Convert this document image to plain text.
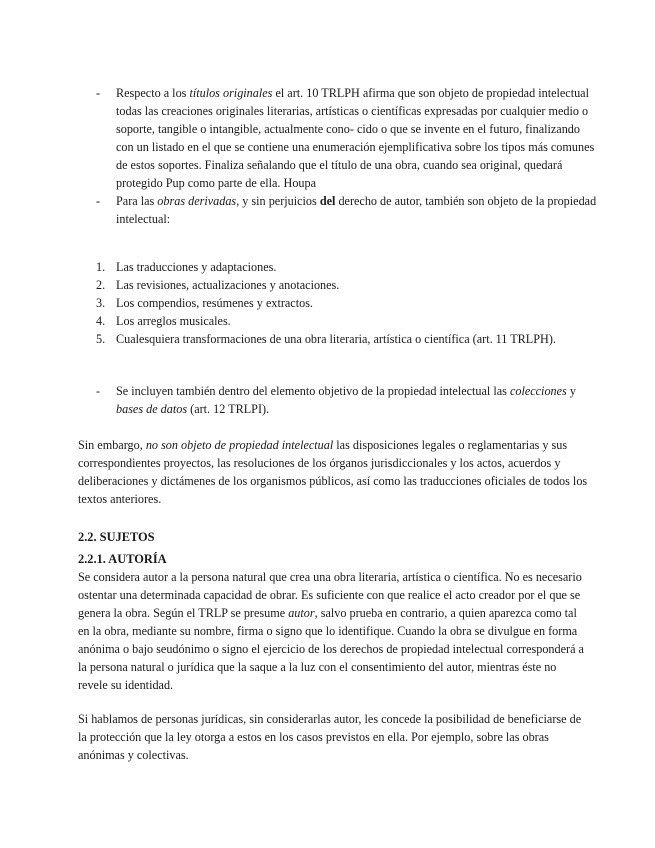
- Respecto a los títulos originales el art. 10 TRLPH afirma que son objeto de propiedad intelectual todas las creaciones originales literarias, artísticas o científicas expresadas por cualquier medio o soporte, tangible o intangible, actualmente cono- cido o que se invente en el futuro, finalizando con un listado en el que se contiene una enumeración ejemplificativa sobre los tipos más comunes de estos soportes. Finaliza señalando que el título de una obra, cuando sea original, quedará protegido Pup como parte de ella. Houpa
- Para las obras derivadas, y sin perjuicios del derecho de autor, también son objeto de la propiedad intelectual:
1. Las traducciones y adaptaciones.
2. Las revisiones, actualizaciones y anotaciones.
3. Los compendios, resúmenes y extractos.
4. Los arreglos musicales.
5. Cualesquiera transformaciones de una obra literaria, artística o científica (art. 11 TRLPH).
- Se incluyen también dentro del elemento objetivo de la propiedad intelectual las colecciones y bases de datos (art. 12 TRLPI).

Sin embargo, no son objeto de propiedad intelectual las disposiciones legales o reglamentarias y sus correspondientes proyectos, las resoluciones de los órganos jurisdiccionales y los actos, acuerdos y deliberaciones y dictámenes de los organismos públicos, así como las traducciones oficiales de todos los textos anteriores.

2.2. SUJETOS
2.2.1. AUTORÍA

Se considera autor a la persona natural que crea una obra literaria, artística o científica. No es necesario ostentar una determinada capacidad de obrar. Es suficiente con que realice el acto creador por el que se genera la obra. Según el TRLP se presume autor, salvo prueba en contrario, a quien aparezca como tal en la obra, mediante su nombre, firma o signo que lo identifique. Cuando la obra se divulgue en forma anónima o bajo seudónimo o signo el ejercicio de los derechos de propiedad intelectual corresponderá a la persona natural o jurídica que la saque a la luz con el consentimiento del autor, mientras éste no revele su identidad.

Si hablamos de personas jurídicas, sin considerarlas autor, les concede la posibilidad de beneficiarse de la protección que la ley otorga a estos en los casos previstos en ella. Por ejemplo, sobre las obras anónimas y colectivas.
